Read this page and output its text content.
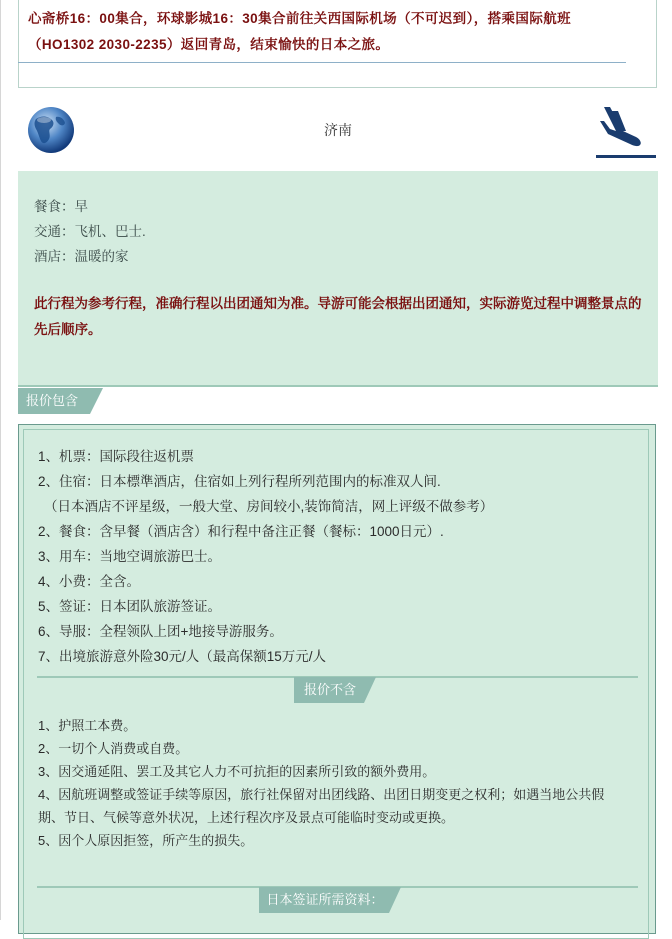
心斋桥16：00集合，环球影城16：30集合前往关西国际机场（不可迟到），搭乘国际航班（HO1302 2030-2235）返回青岛，结束愉快的日本之旅。
济南
餐食：早
交通：飞机、巴士.
酒店：温暖的家
此行程为参考行程，准确行程以出团通知为准。导游可能会根据出团通知，实际游览过程中调整景点的先后顺序。
报价包含
1、机票：国际段往返机票
2、住宿：日本標準酒店，住宿如上列行程所列范围内的标准双人间.
（日本酒店不评星级，一般大堂、房间较小,装饰简洁，网上评级不做参考）
2、餐食：含早餐（酒店含）和行程中备注正餐（餐标：1000日元）.
3、用车：当地空调旅游巴士。
4、小费：全含。
5、签证：日本团队旅游签证。
6、导服：全程领队上团+地接导游服务。
7、出境旅游意外险30元/人（最高保额15万元/人
报价不含
1、护照工本费。
2、一切个人消费或自费。
3、因交通延阻、罢工及其它人力不可抗拒的因素所引致的额外费用。
4、因航班调整或签证手续等原因，旅行社保留对出团线路、出团日期变更之权利；如遇当地公共假
期、节日、气候等意外状况，上述行程次序及景点可能临时变动或更换。
5、因个人原因拒签，所产生的损失。
日本签证所需资料：
